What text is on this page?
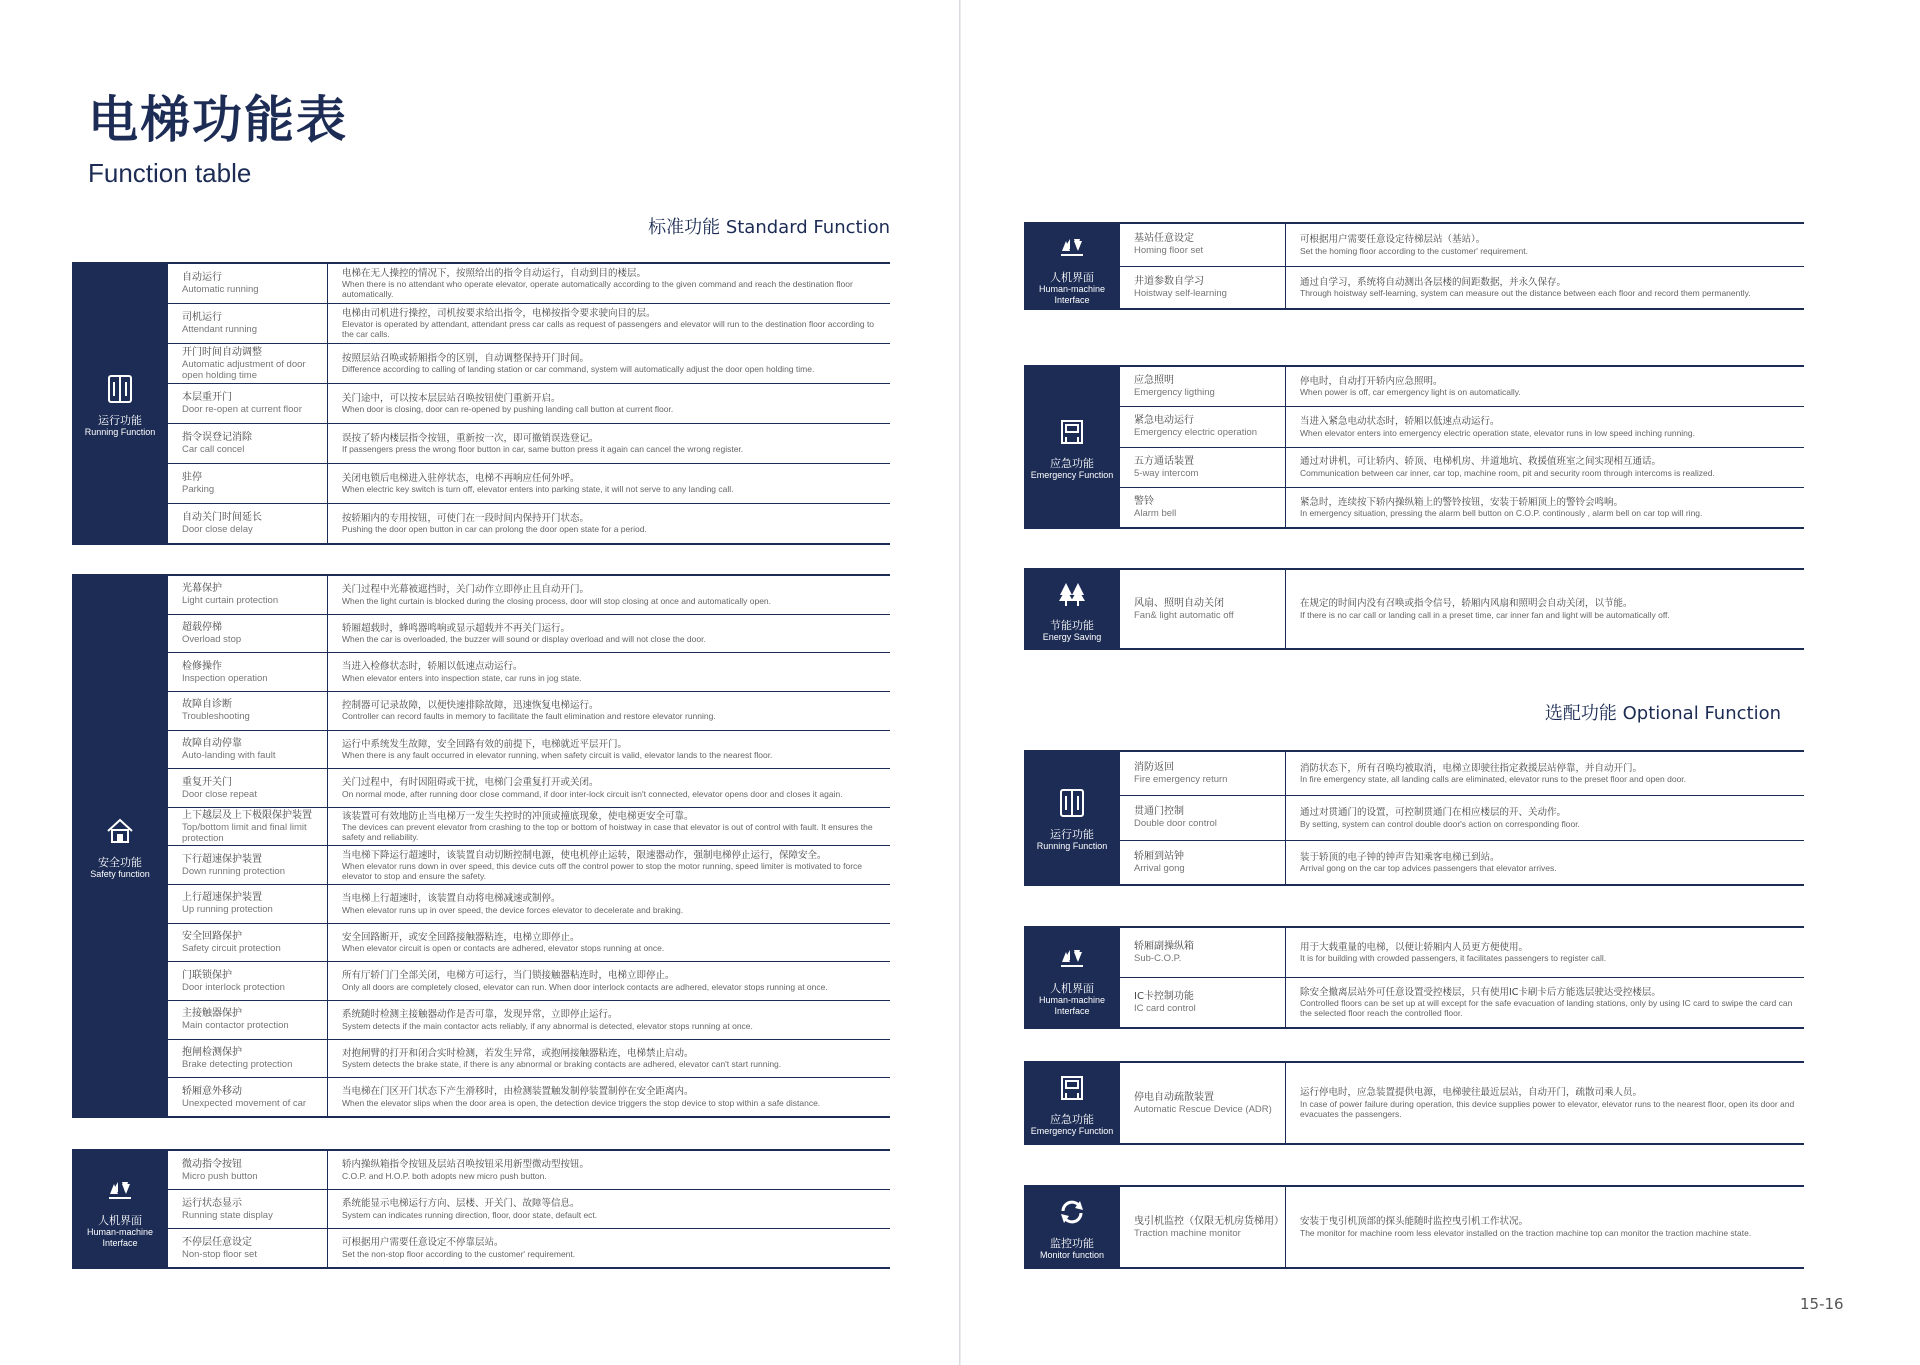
电梯功能表
Function table
标准功能 Standard Function
运行功能
Running Function
自动运行
Automatic running
电梯在无人操控的情况下，按照给出的指令自动运行，自动到目的楼层。
When there is no attendant who operate elevator, operate automatically according to the given command and reach the destination floor automatically.
司机运行
Attendant running
电梯由司机进行操控，司机按要求给出指令，电梯按指令要求驶向目的层。
Elevator is operated by attendant, attendant press car calls as request of passengers and elevator will run to the destination floor according to the car calls.
开门时间自动调整
Automatic adjustment of door open holding time
按照层站召唤或轿厢指令的区别，自动调整保持开门时间。
Difference according to calling of landing station or car command, system will automatically adjust the door open holding time.
本层重开门
Door re-open at current floor
关门途中，可以按本层层站召唤按钮使门重新开启。
When door is closing, door can re-opened by pushing landing call button at current floor.
指令误登记消除
Car call concel
误按了轿内楼层指令按钮，重新按一次，即可撤销误选登记。
If passengers press the wrong floor button in car, same button press it again can cancel the wrong register.
驻停
Parking
关闭电锁后电梯进入驻停状态，电梯不再响应任何外呼。
When electric key switch is turn off, elevator enters into parking state, it will not serve to any landing call.
自动关门时间延长
Door close delay
按轿厢内的专用按钮，可使门在一段时间内保持开门状态。
Pushing the door open button in car can prolong the door open state for a period.
安全功能
Safety function
光幕保护
Light curtain protection
关门过程中光幕被遮挡时，关门动作立即停止且自动开门。
When the light curtain is blocked during the closing process, door will stop closing at once and automatically open.
超载停梯
Overload stop
轿厢超载时，蜂鸣器鸣响或显示超载并不再关门运行。
When the car is overloaded, the buzzer will sound or display overload and will not close the door.
检修操作
Inspection operation
当进入检修状态时，轿厢以低速点动运行。
When elevator enters into inspection state, car runs in jog state.
故障自诊断
Troubleshooting
控制器可记录故障，以便快速排除故障，迅速恢复电梯运行。
Controller can record faults in memory to facilitate the fault elimination and restore elevator running.
故障自动停靠
Auto-landing with fault
运行中系统发生故障，安全回路有效的前提下，电梯就近平层开门。
When there is any fault occurred in elevator running, when safety circuit is valid, elevator lands to the nearest floor.
重复开关门
Door close repeat
关门过程中，有时因阻碍或干扰，电梯门会重复打开或关闭。
On normal mode, after running door close command, if door inter-lock circuit isn't connected, elevator opens door and closes it again.
上下越层及上下极限保护装置
Top/bottom limit and final limit protection
该装置可有效地防止当电梯万一发生失控时的冲顶或撞底现象，使电梯更安全可靠。
The devices can prevent elevator from crashing to the top or bottom of hoistway in case that elevator is out of control with fault. It ensures the safety and reliability.
下行超速保护装置
Down running protection
当电梯下降运行超速时，该装置自动切断控制电源，使电机停止运转，限速器动作，强制电梯停止运行，保障安全。
When elevator runs down in over speed, this device cuts off the control power to stop the motor running, speed limiter is motivated to force elevator to stop and ensure the safety.
上行超速保护装置
Up running protection
当电梯上行超速时，该装置自动将电梯减速或制停。
When elevator runs up in over speed, the device forces elevator to decelerate and braking.
安全回路保护
Safety circuit protection
安全回路断开，或安全回路接触器粘连，电梯立即停止。
When elevator circuit is open or contacts are adhered, elevator stops running at once.
门联锁保护
Door interlock protection
所有厅轿门门全部关闭，电梯方可运行，当门锁接触器粘连时，电梯立即停止。
Only all doors are completely closed, elevator can run. When door interlock contacts are adhered, elevator stops running at once.
主接触器保护
Main contactor protection
系统随时检测主接触器动作是否可靠，发现异常，立即停止运行。
System detects if the main contactor acts reliably, if any abnormal is detected, elevator stops running at once.
抱闸检测保护
Brake detecting protection
对抱闸臂的打开和闭合实时检测，若发生异常，或抱闸接触器粘连，电梯禁止启动。
System detects the brake state, if there is any abnormal or braking contacts are adhered, elevator can't start running.
轿厢意外移动
Unexpected movement of car
当电梯在门区开门状态下产生滑移时，由检测装置触发制停装置制停在安全距离内。
When the elevator slips when the door area is open, the detection device triggers the stop device to stop within a safe distance.
人机界面
Human-machine Interface
微动指令按钮
Micro push button
轿内操纵箱指令按钮及层站召唤按钮采用新型微动型按钮。
C.O.P. and H.O.P. both adopts new micro push button.
运行状态显示
Running state display
系统能显示电梯运行方向、层楼、开关门、故障等信息。
System can indicates running direction, floor, door state, default ect.
不停层任意设定
Non-stop floor set
可根据用户需要任意设定不停靠层站。
Set the non-stop floor according to the customer' requirement.
人机界面
Human-machine Interface
基站任意设定
Homing floor set
可根据用户需要任意设定待梯层站（基站）。
Set the homing floor according to the customer' requirement.
井道参数自学习
Hoistway self-learning
通过自学习，系统将自动测出各层楼的间距数据，并永久保存。
Through hoistway self-learning, system can measure out the distance between each floor and record them permanently.
应急功能
Emergency Function
应急照明
Emergency ligthing
停电时，自动打开轿内应急照明。
When power is off, car emergency light is on automatically.
紧急电动运行
Emergency electric operation
当进入紧急电动状态时，轿厢以低速点动运行。
When elevator enters into emergency electric operation state, elevator runs in low speed inching running.
五方通话装置
5-way intercom
通过对讲机，可让轿内、轿顶、电梯机房、井道地坑、救援值班室之间实现相互通话。
Communication between car inner, car top, machine room, pit and security room through intercoms is realized.
警铃
Alarm bell
紧急时，连续按下轿内操纵箱上的警铃按钮，安装于轿厢顶上的警铃会鸣响。
In emergency situation, pressing the alarm bell button on C.O.P. continously , alarm bell on car top will ring.
节能功能
Energy Saving
风扇、照明自动关闭
Fan& light automatic off
在规定的时间内没有召唤或指令信号，轿厢内风扇和照明会自动关闭，以节能。
If there is no car call or landing call in a preset time, car inner fan and light will be automatically off.
选配功能 Optional Function
运行功能
Running Function
消防返回
Fire emergency return
消防状态下，所有召唤均被取消，电梯立即驶往指定救援层站停靠，并自动开门。
In fire emergency state, all landing calls are eliminated, elevator runs to the preset floor and open door.
贯通门控制
Double door control
通过对贯通门的设置，可控制贯通门在相应楼层的开、关动作。
By setting, system can control double door's action on corresponding floor.
轿厢到站钟
Arrival gong
装于轿顶的电子钟的钟声告知乘客电梯已到站。
Arrival gong on the car top advices passengers that elevator arrives.
人机界面
Human-machine Interface
轿厢副操纵箱
Sub-C.O.P.
用于大载重量的电梯，以便让轿厢内人员更方便使用。
It is for building with crowded passengers, it facilitates passengers to register call.
IC卡控制功能
IC card control
除安全撤离层站外可任意设置受控楼层，只有使用IC卡刷卡后方能选层驶达受控楼层。
Controlled floors can be set up at will except for the safe evacuation of landing stations, only by using IC card to swipe the card can the selected floor reach the controlled floor.
应急功能
Emergency Function
停电自动疏散装置
Automatic Rescue Device (ADR)
运行停电时，应急装置提供电源，电梯驶往最近层站，自动开门，疏散司乘人员。
In case of power failure during operation, this device supplies power to elevator, elevator runs to the nearest floor, open its door and evacuates the passengers.
监控功能
Monitor function
曳引机监控（仅限无机房货梯用）
Traction machine monitor
安装于曳引机顶部的探头能随时监控曳引机工作状况。
The monitor for machine room less elevator installed on the traction machine top can monitor the traction machine state.
15-16
